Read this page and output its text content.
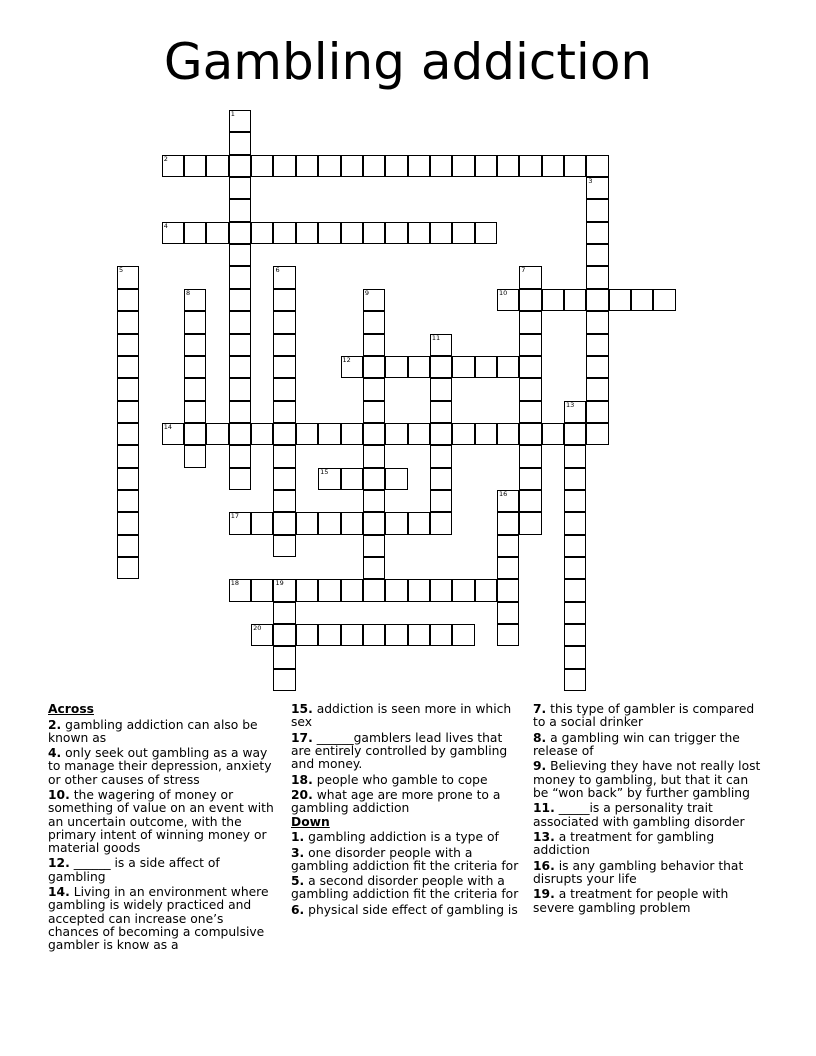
Gambling addiction
1
2
3
4
5	6	7
8	9	10
11
12
13
14
15
16
17
18	19
20
Across
2. gambling addiction can also be known as
4. only seek out gambling as a way to manage their depression, anxiety or other causes of stress
10. the wagering of money or something of value on an event with an uncertain outcome, with the primary intent of winning money or material goods
12. ______ is a side affect of gambling
14. Living in an environment where gambling is widely practiced and accepted can increase one’s chances of becoming a compulsive gambler is know as a
15. addiction is seen more in which sex
17. ______gamblers lead lives that are entirely controlled by gambling and money.
18. people who gamble to cope
20. what age are more prone to a gambling addiction
Down
1. gambling addiction is a type of
3. one disorder people with a gambling addiction fit the criteria for
5. a second disorder people with a gambling addiction fit the criteria for
6. physical side effect of gambling is
7. this type of gambler is compared to a social drinker
8. a gambling win can trigger the release of
9. Believing they have not really lost money to gambling, but that it can be “won back” by further gambling
11. _____is a personality trait associated with gambling disorder
13. a treatment for gambling addiction
16. is any gambling behavior that disrupts your life
19. a treatment for people with severe gambling problem
